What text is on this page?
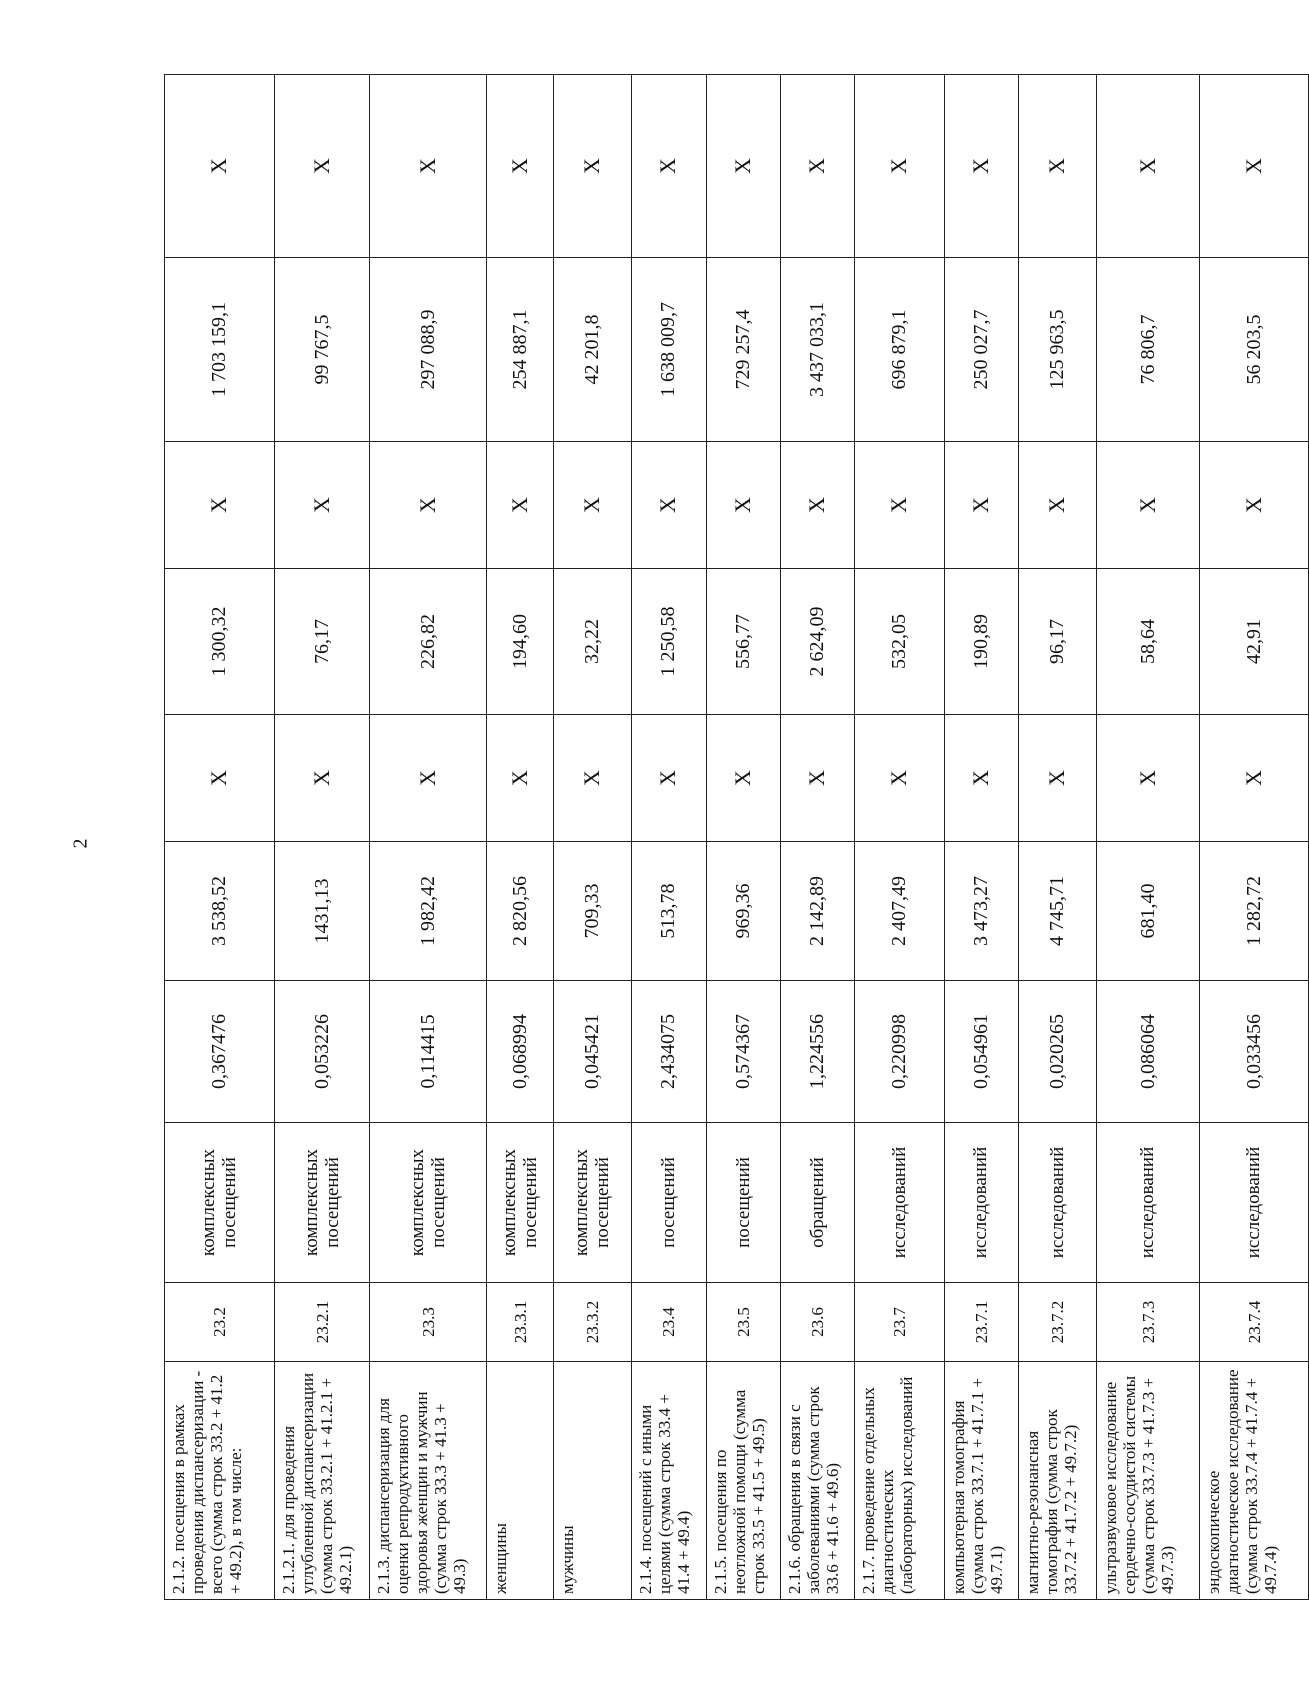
2
2.1.2. посещения в рамках проведения диспансеризации - всего (сумма строк 33.2 + 41.2 + 49.2), в том числе:	23.2	комплексных посещений	0,367476	3 538,52	X	1 300,32	X	1 703 159,1	X
2.1.2.1. для проведения углубленной диспансеризации (сумма строк 33.2.1 + 41.2.1 + 49.2.1)	23.2.1	комплексных посещений	0,053226	1431,13	X	76,17	X	99 767,5	X
2.1.3. диспансеризация для оценки репродуктивного здоровья женщин и мужчин (сумма строк 33.3 + 41.3 + 49.3)	23.3	комплексных посещений	0,114415	1 982,42	X	226,82	X	297 088,9	X
женщины	23.3.1	комплексных посещений	0,068994	2 820,56	X	194,60	X	254 887,1	X
мужчины	23.3.2	комплексных посещений	0,045421	709,33	X	32,22	X	42 201,8	X
2.1.4. посещений с иными целями (сумма строк 33.4 + 41.4 + 49.4)	23.4	посещений	2,434075	513,78	X	1 250,58	X	1 638 009,7	X
2.1.5. посещения по неотложной помощи (сумма строк 33.5 + 41.5 + 49.5)	23.5	посещений	0,574367	969,36	X	556,77	X	729 257,4	X
2.1.6. обращения в связи с заболеваниями (сумма строк 33.6 + 41.6 + 49.6)	23.6	обращений	1,224556	2 142,89	X	2 624,09	X	3 437 033,1	X
2.1.7. проведение отдельных диагностических (лабораторных) исследований	23.7	исследований	0,220998	2 407,49	X	532,05	X	696 879,1	X
компьютерная томография (сумма строк 33.7.1 + 41.7.1 + 49.7.1)	23.7.1	исследований	0,054961	3 473,27	X	190,89	X	250 027,7	X
магнитно-резонансная томография (сумма строк 33.7.2 + 41.7.2 + 49.7.2)	23.7.2	исследований	0,020265	4 745,71	X	96,17	X	125 963,5	X
ультразвуковое исследование сердечно-сосудистой системы (сумма строк 33.7.3 + 41.7.3 + 49.7.3)	23.7.3	исследований	0,086064	681,40	X	58,64	X	76 806,7	X
эндоскопическое диагностическое исследование (сумма строк 33.7.4 + 41.7.4 + 49.7.4)	23.7.4	исследований	0,033456	1 282,72	X	42,91	X	56 203,5	X
